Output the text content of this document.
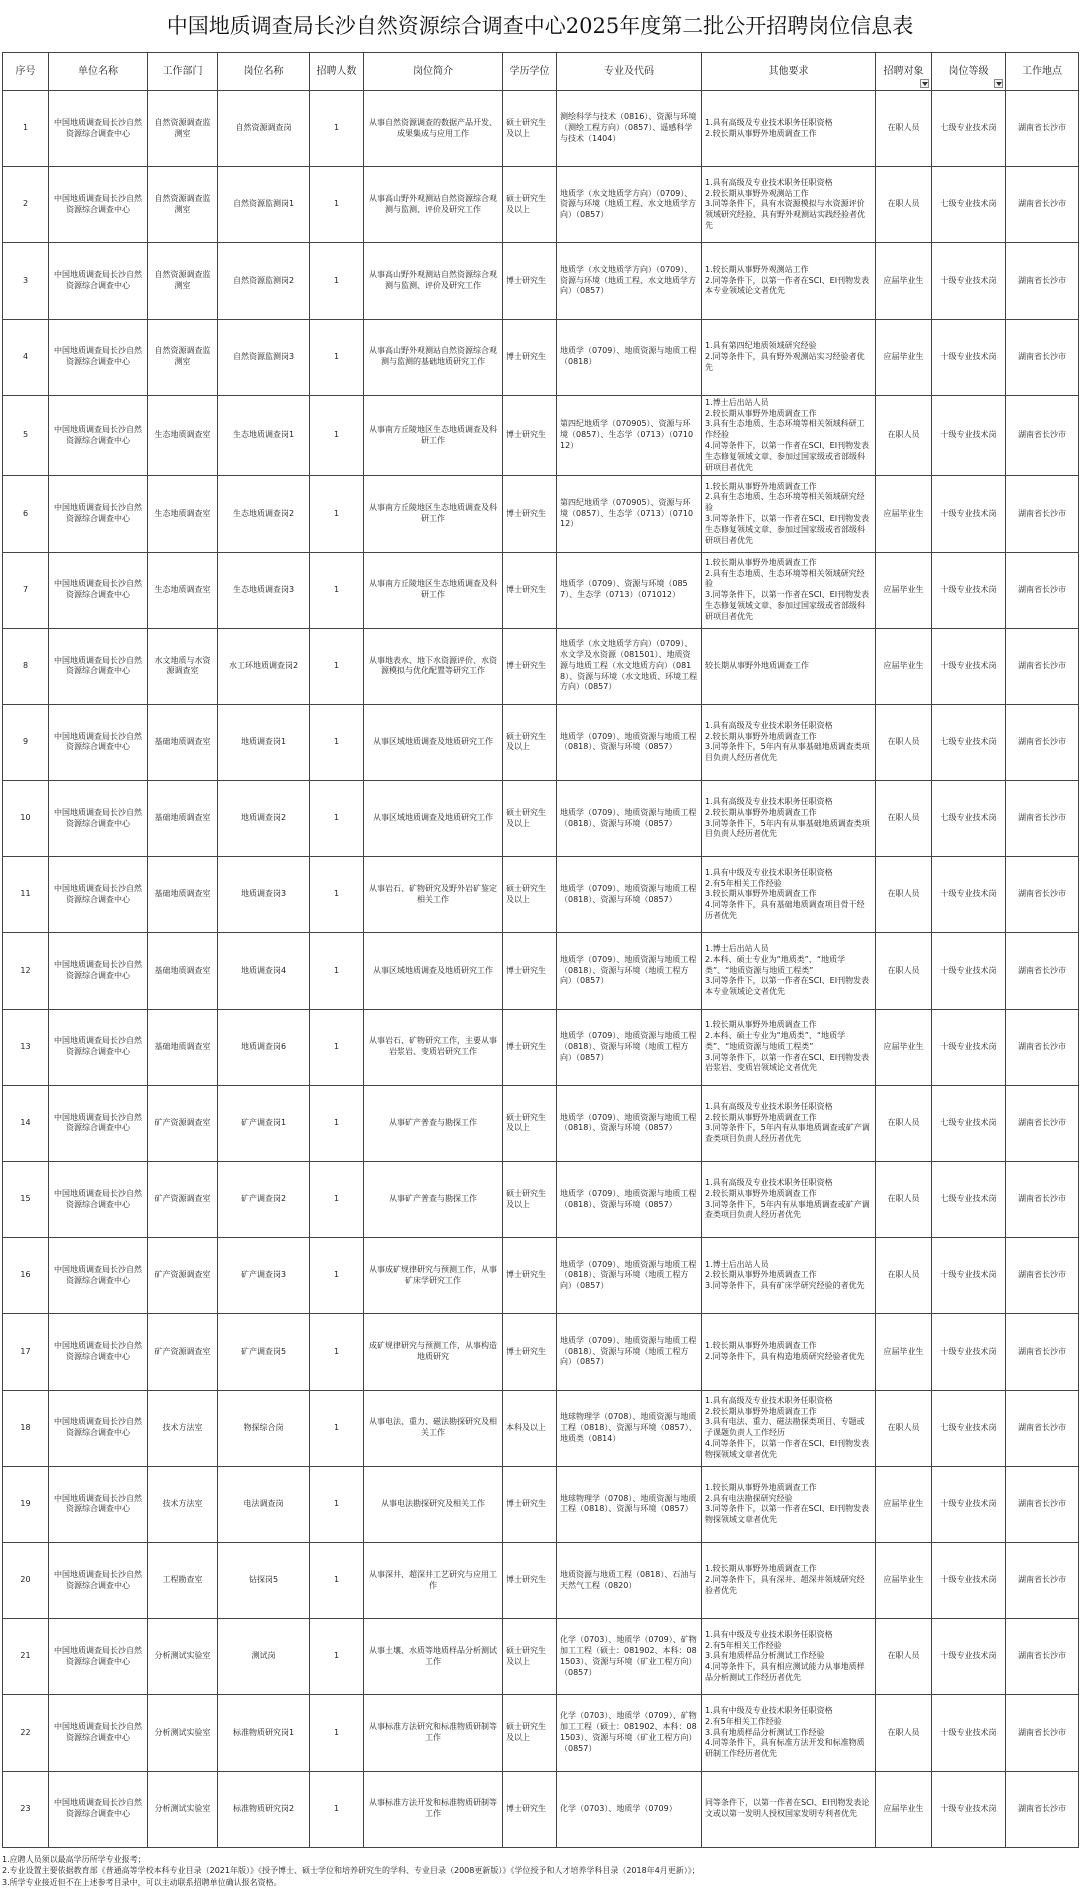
中国地质调查局长沙自然资源综合调查中心2025年度第二批公开招聘岗位信息表
序号	单位名称	工作部门	岗位名称	招聘人数	岗位简介	学历学位	专业及代码	其他要求	招聘对象	岗位等级	工作地点
1	中国地质调查局长沙自然资源综合调查中心	自然资源调查监测室	自然资源调查岗	1	从事自然资源调查的数据产品开发、成果集成与应用工作	硕士研究生及以上	测绘科学与技术（0816）、资源与环境（测绘工程方向）（0857）、遥感科学与技术（1404）	1.具有高级及专业技术职务任职资格
2.较长期从事野外地质调查工作	在职人员	七级专业技术岗	湖南省长沙市
2	中国地质调查局长沙自然资源综合调查中心	自然资源调查监测室	自然资源监测岗1	1	从事高山野外观测站自然资源综合观测与监测、评价及研究工作	硕士研究生及以上	地质学（水文地质学方向）（0709）、资源与环境（地质工程、水文地质学方向）（0857）	1.具有高级及专业技术职务任职资格
2.较长期从事野外观测站工作
3.同等条件下，具有水资源模拟与水资源评价领域研究经验、具有野外观测站实践经验者优先	在职人员	七级专业技术岗	湖南省长沙市
3	中国地质调查局长沙自然资源综合调查中心	自然资源调查监测室	自然资源监测岗2	1	从事高山野外观测站自然资源综合观测与监测、评价及研究工作	博士研究生	地质学（水文地质学方向）（0709）、资源与环境（地质工程、水文地质学方向）（0857）	1.较长期从事野外观测站工作
2.同等条件下，以第一作者在SCI、EI刊物发表本专业领域论文者优先	应届毕业生	十级专业技术岗	湖南省长沙市
4	中国地质调查局长沙自然资源综合调查中心	自然资源调查监测室	自然资源监测岗3	1	从事高山野外观测站自然资源综合观测与监测的基础地质研究工作	博士研究生	地质学（0709）、地质资源与地质工程（0818）	1.具有第四纪地质领域研究经验
2.同等条件下，具有野外观测站实习经验者优先	应届毕业生	十级专业技术岗	湖南省长沙市
5	中国地质调查局长沙自然资源综合调查中心	生态地质调查室	生态地质调查岗1	1	从事南方丘陵地区生态地质调查及科研工作	博士研究生	第四纪地质学（070905）、资源与环境（0857）、生态学（0713）（071012）	1.博士后出站人员
2.较长期从事野外地质调查工作
3.具有生态地质、生态环境等相关领域科研工作经验
4.同等条件下，以第一作者在SCI、EI刊物发表生态修复领域文章、参加过国家级或省部级科研项目者优先	在职人员	十级专业技术岗	湖南省长沙市
6	中国地质调查局长沙自然资源综合调查中心	生态地质调查室	生态地质调查岗2	1	从事南方丘陵地区生态地质调查及科研工作	博士研究生	第四纪地质学（070905）、资源与环境（0857）、生态学（0713）（071012）	1.较长期从事野外地质调查工作
2.具有生态地质、生态环境等相关领域研究经验
3.同等条件下，以第一作者在SCI、EI刊物发表生态修复领域文章、参加过国家级或省部级科研项目者优先	应届毕业生	十级专业技术岗	湖南省长沙市
7	中国地质调查局长沙自然资源综合调查中心	生态地质调查室	生态地质调查岗3	1	从事南方丘陵地区生态地质调查及科研工作	博士研究生	地质学（0709）、资源与环境（0857）、生态学（0713）（071012）	1.较长期从事野外地质调查工作
2.具有生态地质、生态环境等相关领域研究经验
3.同等条件下，以第一作者在SCI、EI刊物发表生态修复领域文章、参加过国家级或省部级科研项目者优先	应届毕业生	十级专业技术岗	湖南省长沙市
8	中国地质调查局长沙自然资源综合调查中心	水文地质与水资源调查室	水工环地质调查岗2	1	从事地表水、地下水资源评价、水资源模拟与优化配置等研究工作	博士研究生	地质学（水文地质学方向）（0709）、水文学及水资源（081501）、地质资源与地质工程（水文地质方向）（0818）、资源与环境（水文地质、环境工程方向）（0857）	较长期从事野外地质调查工作	应届毕业生	十级专业技术岗	湖南省长沙市
9	中国地质调查局长沙自然资源综合调查中心	基础地质调查室	地质调查岗1	1	从事区域地质调查及地质研究工作	硕士研究生及以上	地质学（0709）、地质资源与地质工程（0818）、资源与环境（0857）	1.具有高级及专业技术职务任职资格
2.较长期从事野外地质调查工作
3.同等条件下，5年内有从事基础地质调查类项目负责人经历者优先	在职人员	七级专业技术岗	湖南省长沙市
10	中国地质调查局长沙自然资源综合调查中心	基础地质调查室	地质调查岗2	1	从事区域地质调查及地质研究工作	硕士研究生及以上	地质学（0709）、地质资源与地质工程（0818）、资源与环境（0857）	1.具有高级及专业技术职务任职资格
2.较长期从事野外地质调查工作
3.同等条件下，5年内有从事基础地质调查类项目负责人经历者优先	在职人员	七级专业技术岗	湖南省长沙市
11	中国地质调查局长沙自然资源综合调查中心	基础地质调查室	地质调查岗3	1	从事岩石、矿物研究及野外岩矿鉴定相关工作	硕士研究生及以上	地质学（0709）、地质资源与地质工程（0818）、资源与环境（0857）	1.具有中级及专业技术职务任职资格
2.有5年相关工作经验
3.较长期从事野外地质调查工作
4.同等条件下，具有基础地质调查项目骨干经历者优先	在职人员	十级专业技术岗	湖南省长沙市
12	中国地质调查局长沙自然资源综合调查中心	基础地质调查室	地质调查岗4	1	从事区域地质调查及地质研究工作	博士研究生	地质学（0709）、地质资源与地质工程（0818）、资源与环境（地质工程方向）（0857）	1.博士后出站人员
2.本科、硕士专业为“地质类”、“地质学类”、“地质资源与地质工程类”
3.同等条件下，以第一作者在SCI、EI刊物发表本专业领域论文者优先	在职人员	十级专业技术岗	湖南省长沙市
13	中国地质调查局长沙自然资源综合调查中心	基础地质调查室	地质调查岗6	1	从事岩石、矿物研究工作，主要从事岩浆岩、变质岩研究工作	博士研究生	地质学（0709）、地质资源与地质工程（0818）、资源与环境（地质工程方向）（0857）	1.较长期从事野外地质调查工作
2.本科、硕士专业为“地质类”、“地质学类”、“地质资源与地质工程类”
3.同等条件下，以第一作者在SCI、EI刊物发表岩浆岩、变质岩领域论文者优先	应届毕业生	十级专业技术岗	湖南省长沙市
14	中国地质调查局长沙自然资源综合调查中心	矿产资源调查室	矿产调查岗1	1	从事矿产普查与勘探工作	硕士研究生及以上	地质学（0709）、地质资源与地质工程（0818）、资源与环境（0857）	1.具有高级及专业技术职务任职资格
2.较长期从事野外地质调查工作
3.同等条件下，5年内有从事地质调查或矿产调查类项目负责人经历者优先	在职人员	七级专业技术岗	湖南省长沙市
15	中国地质调查局长沙自然资源综合调查中心	矿产资源调查室	矿产调查岗2	1	从事矿产普查与勘探工作	硕士研究生及以上	地质学（0709）、地质资源与地质工程（0818）、资源与环境（0857）	1.具有高级及专业技术职务任职资格
2.较长期从事野外地质调查工作
3.同等条件下，5年内有从事地质调查或矿产调查类项目负责人经历者优先	在职人员	七级专业技术岗	湖南省长沙市
16	中国地质调查局长沙自然资源综合调查中心	矿产资源调查室	矿产调查岗3	1	从事成矿规律研究与预测工作，从事矿床学研究工作	博士研究生	地质学（0709）、地质资源与地质工程（0818）、资源与环境（地质工程方向）（0857）	1.博士后出站人员
2.较长期从事野外地质调查工作
3.同等条件下，具有矿床学研究经验的者优先	在职人员	十级专业技术岗	湖南省长沙市
17	中国地质调查局长沙自然资源综合调查中心	矿产资源调查室	矿产调查岗5	1	成矿规律研究与预测工作，从事构造地质研究	博士研究生	地质学（0709）、地质资源与地质工程（0818）、资源与环境（地质工程方向）（0857）	1.较长期从事野外地质调查工作
2.同等条件下，具有构造地质研究经验者优先	应届毕业生	十级专业技术岗	湖南省长沙市
18	中国地质调查局长沙自然资源综合调查中心	技术方法室	物探综合岗	1	从事电法、重力、磁法勘探研究及相关工作	本科及以上	地球物理学（0708）、地质资源与地质工程（0818）、资源与环境（0857）、地质类（0814）	1.具有高级及专业技术职务任职资格
2.较长期从事野外地质调查工作
3.具有电法、重力、磁法勘探类项目、专题或子课题负责人工作经历
4.同等条件下，以第一作者在SCI、EI刊物发表物探领域文章者优先	在职人员	七级专业技术岗	湖南省长沙市
19	中国地质调查局长沙自然资源综合调查中心	技术方法室	电法调查岗	1	从事电法勘探研究及相关工作	博士研究生	地球物理学（0708）、地质资源与地质工程（0818）、资源与环境（0857）	1.较长期从事野外地质调查工作
2.具有电法勘探研究经验
3.同等条件下，以第一作者在SCI、EI刊物发表物探领域文章者优先	应届毕业生	十级专业技术岗	湖南省长沙市
20	中国地质调查局长沙自然资源综合调查中心	工程勘查室	钻探岗5	1	从事深井、超深井工艺研究与应用工作	博士研究生	地质资源与地质工程（0818）、石油与天然气工程（0820）	1.较长期从事野外地质调查工作
2.同等条件下，具有深井、超深井领域研究经验者优先	应届毕业生	十级专业技术岗	湖南省长沙市
21	中国地质调查局长沙自然资源综合调查中心	分析测试实验室	测试岗	1	从事土壤、水质等地质样品分析测试工作	硕士研究生及以上	化学（0703）、地质学（0709）、矿物加工工程（硕士：081902、本科：081503）、资源与环境（矿业工程方向）（0857）	1.具有中级及专业技术职务任职资格
2.有5年相关工作经验
3.具有地质样品分析测试工作经验
4.同等条件下，具有相应测试能力从事地质样品分析测试工作经历者优先	在职人员	十级专业技术岗	湖南省长沙市
22	中国地质调查局长沙自然资源综合调查中心	分析测试实验室	标准物质研究岗1	1	从事标准方法研究和标准物质研制等工作	硕士研究生及以上	化学（0703）、地质学（0709）、矿物加工工程（硕士：081902、本科：081503）、资源与环境（矿业工程方向）（0857）	1.具有中级及专业技术职务任职资格
2.有5年相关工作经验
3.具有地质样品分析测试工作经验
4.同等条件下，具有标准方法开发和标准物质研制工作经历者优先	在职人员	十级专业技术岗	湖南省长沙市
23	中国地质调查局长沙自然资源综合调查中心	分析测试实验室	标准物质研究岗2	1	从事标准方法开发和标准物质研制等工作	博士研究生	化学（0703）、地质学（0709）	同等条件下，以第一作者在SCI、EI刊物发表论文或以第一发明人授权国家发明专利者优先	应届毕业生	十级专业技术岗	湖南省长沙市
1.应聘人员须以最高学历所学专业报考；
2.专业设置主要依据教育部《普通高等学校本科专业目录（2021年版）》《授予博士、硕士学位和培养研究生的学科、专业目录（2008更新版）》《学位授予和人才培养学科目录（2018年4月更新）》；
3.所学专业接近但不在上述参考目录中，可以主动联系招聘单位确认报名资格。
